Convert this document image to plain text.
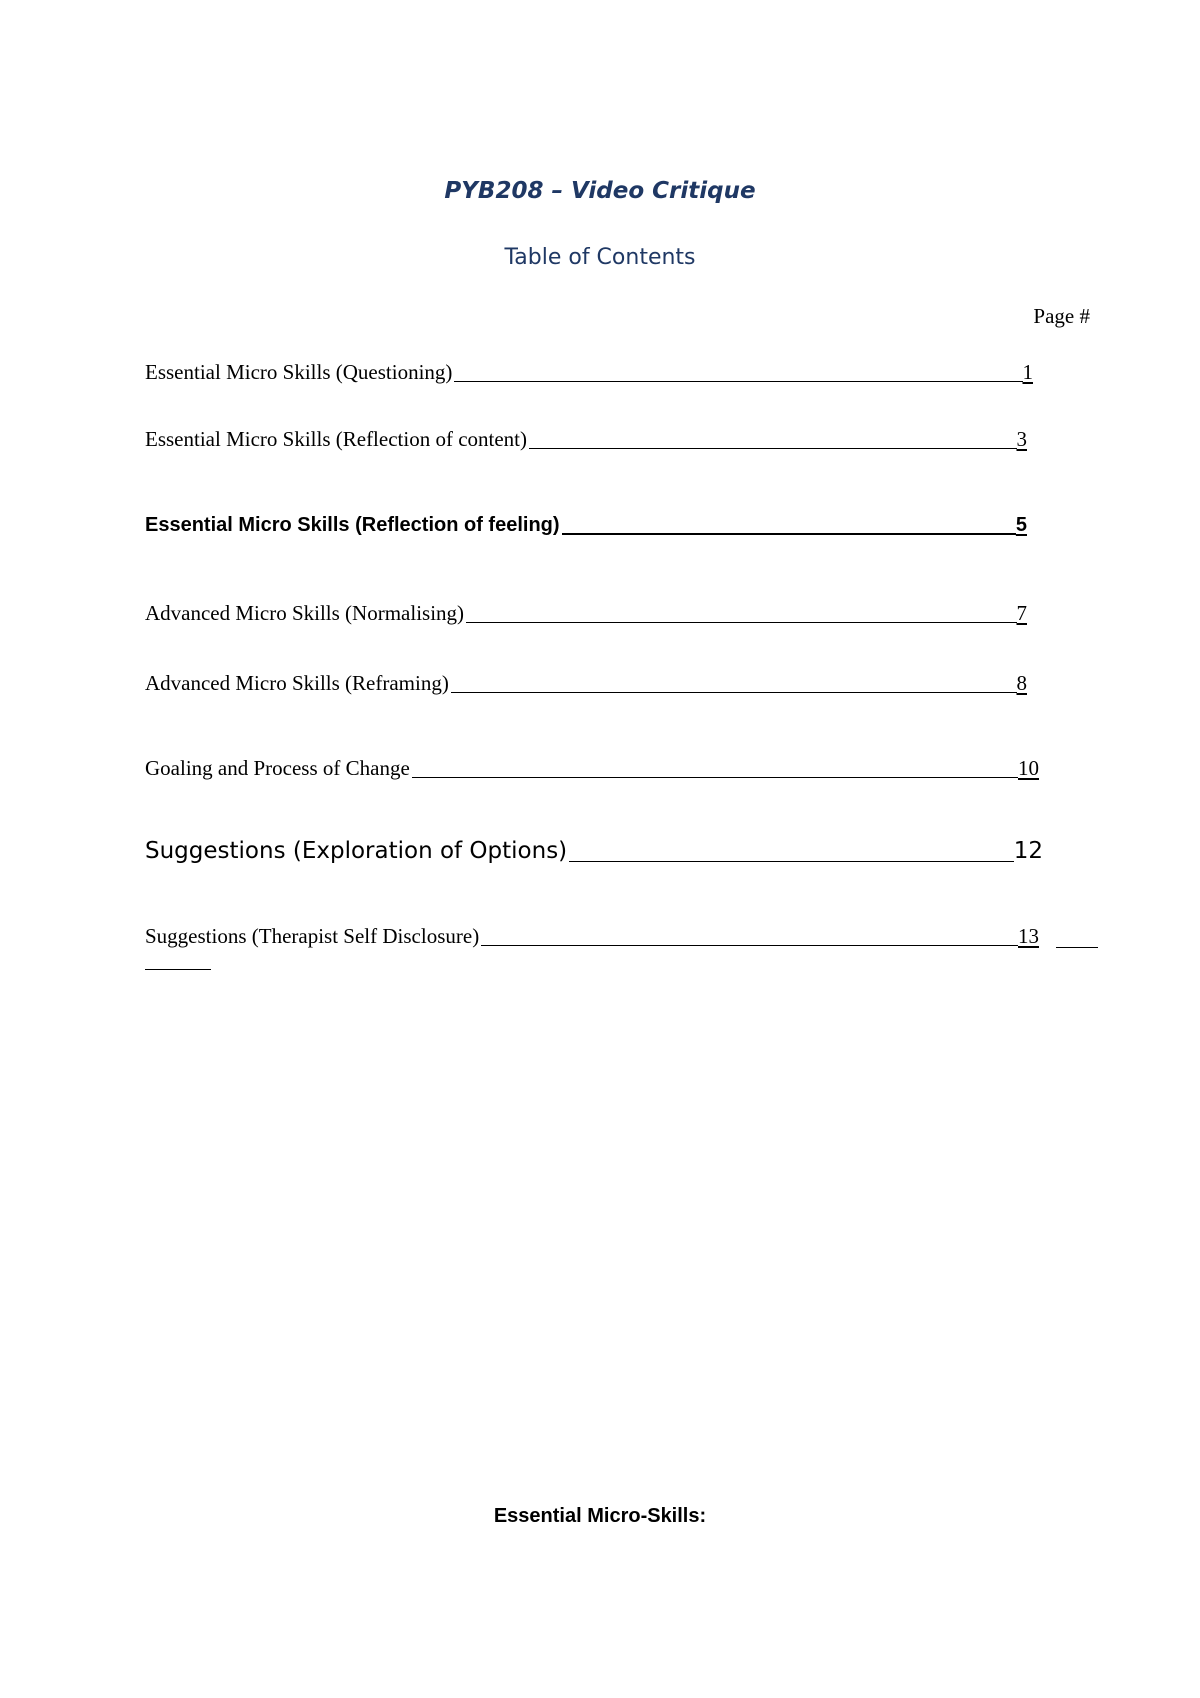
PYB208 – Video Critique
Table of Contents
Page #
Essential Micro Skills (Questioning)	1
Essential Micro Skills (Reflection of content)	3
Essential Micro Skills (Reflection of feeling)	5
Advanced Micro Skills (Normalising)	7
Advanced Micro Skills (Reframing)	8
Goaling and Process of Change	10
Suggestions (Exploration of Options)	12
Suggestions (Therapist Self Disclosure)	13
Essential Micro-Skills:
